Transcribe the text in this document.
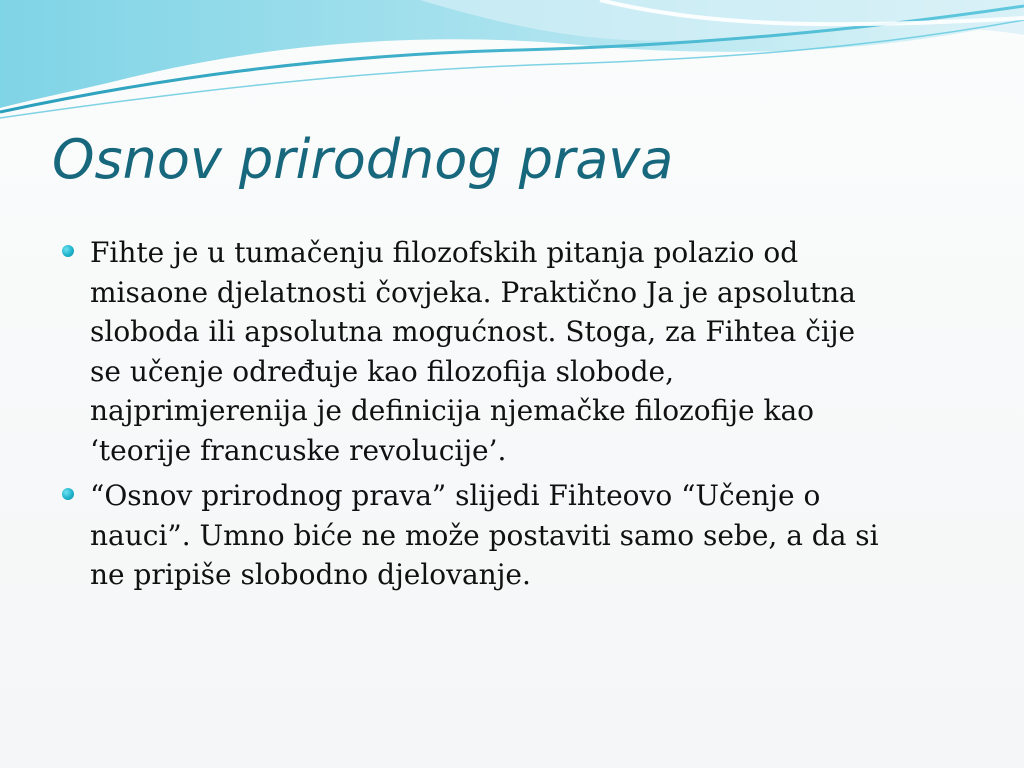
Osnov prirodnog prava
Fihte je u tumačenju filozofskih pitanja polazio od
misaone djelatnosti čovjeka. Praktično Ja je apsolutna
sloboda ili apsolutna mogućnost. Stoga, za Fihtea čije
se učenje određuje kao filozofija slobode,
najprimjerenija je definicija njemačke filozofije kao
‘teorije francuske revolucije’.
“Osnov prirodnog prava” slijedi Fihteovo “Učenje o
nauci”. Umno biće ne može postaviti samo sebe, a da si
ne pripiše slobodno djelovanje.
